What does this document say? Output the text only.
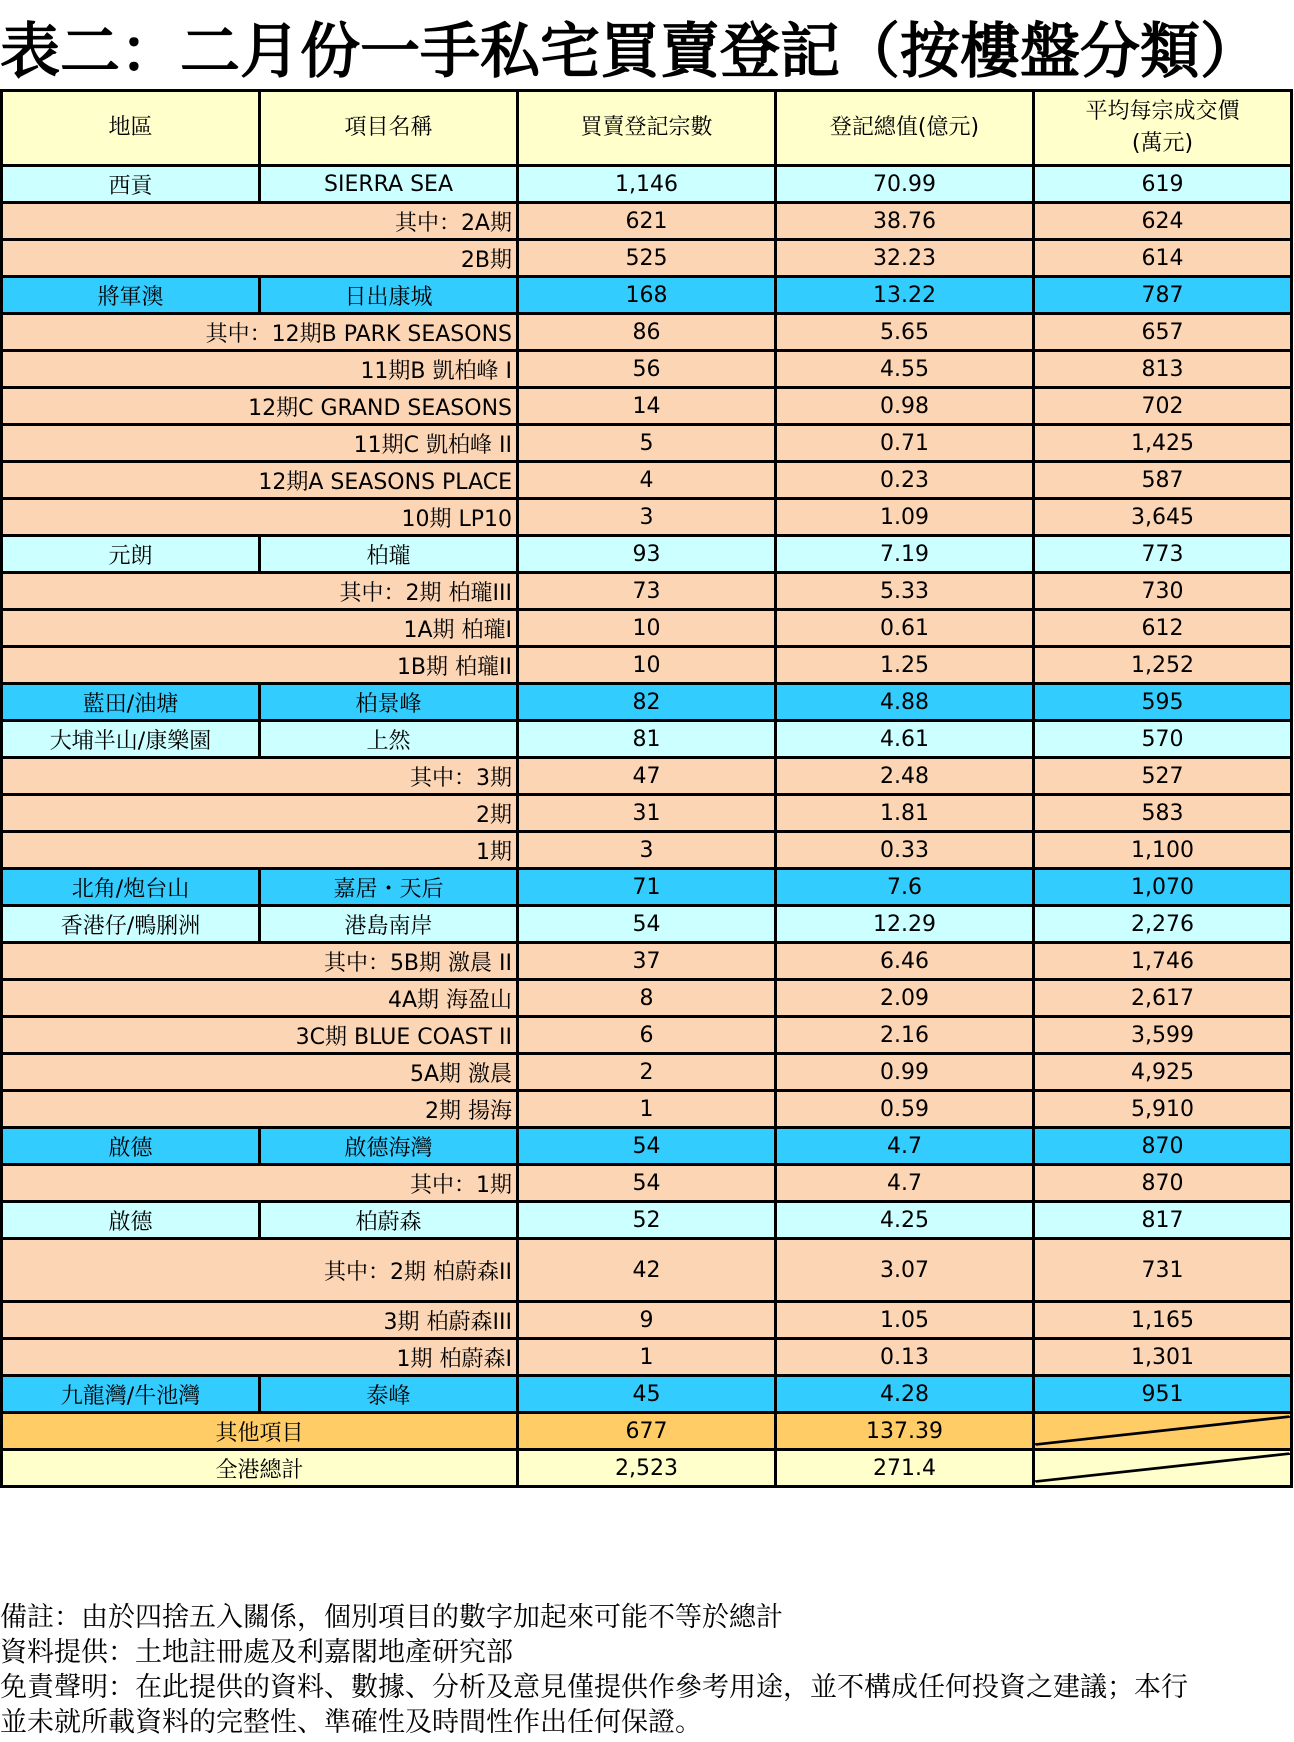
表二：二月份一手私宅買賣登記（按樓盤分類）
地區	項目名稱	買賣登記宗數	登記總值(億元)	平均每宗成交價
(萬元)

西貢	SIERRA SEA	1,146	70.99	619
其中：2A期		621	38.76	624
2B期		525	32.23	614
將軍澳	日出康城	168	13.22	787
其中：12期B PARK SEASONS		86	5.65	657
11期B 凱柏峰 I		56	4.55	813
12期C GRAND SEASONS		14	0.98	702
11期C 凱柏峰 II		5	0.71	1,425
12期A SEASONS PLACE		4	0.23	587
10期 LP10		3	1.09	3,645
元朗	柏瓏	93	7.19	773
其中：2期 柏瓏III		73	5.33	730
1A期 柏瓏I		10	0.61	612
1B期 柏瓏II		10	1.25	1,252
藍田/油塘	柏景峰	82	4.88	595
大埔半山/康樂園	上然	81	4.61	570
其中：3期		47	2.48	527
2期		31	1.81	583
1期		3	0.33	1,100
北角/炮台山	嘉居・天后	71	7.6	1,070
香港仔/鴨脷洲	港島南岸	54	12.29	2,276
其中：5B期 激晨 II		37	6.46	1,746
4A期 海盈山		8	2.09	2,617
3C期 BLUE COAST II		6	2.16	3,599
5A期 激晨		2	0.99	4,925
2期 揚海		1	0.59	5,910
啟德	啟德海灣	54	4.7	870
其中：1期		54	4.7	870
啟德	柏蔚森	52	4.25	817
其中：2期 柏蔚森II		42	3.07	731
3期 柏蔚森III		9	1.05	1,165
1期 柏蔚森I		1	0.13	1,301
九龍灣/牛池灣	泰峰	45	4.28	951
其他項目		677	137.39	

全港總計		2,523	271.4	
備註：由於四捨五入關係，個別項目的數字加起來可能不等於總計
資料提供：土地註冊處及利嘉閣地產研究部
免責聲明：在此提供的資料、數據、分析及意見僅提供作參考用途，並不構成任何投資之建議；本行
並未就所載資料的完整性、準確性及時間性作出任何保證。
